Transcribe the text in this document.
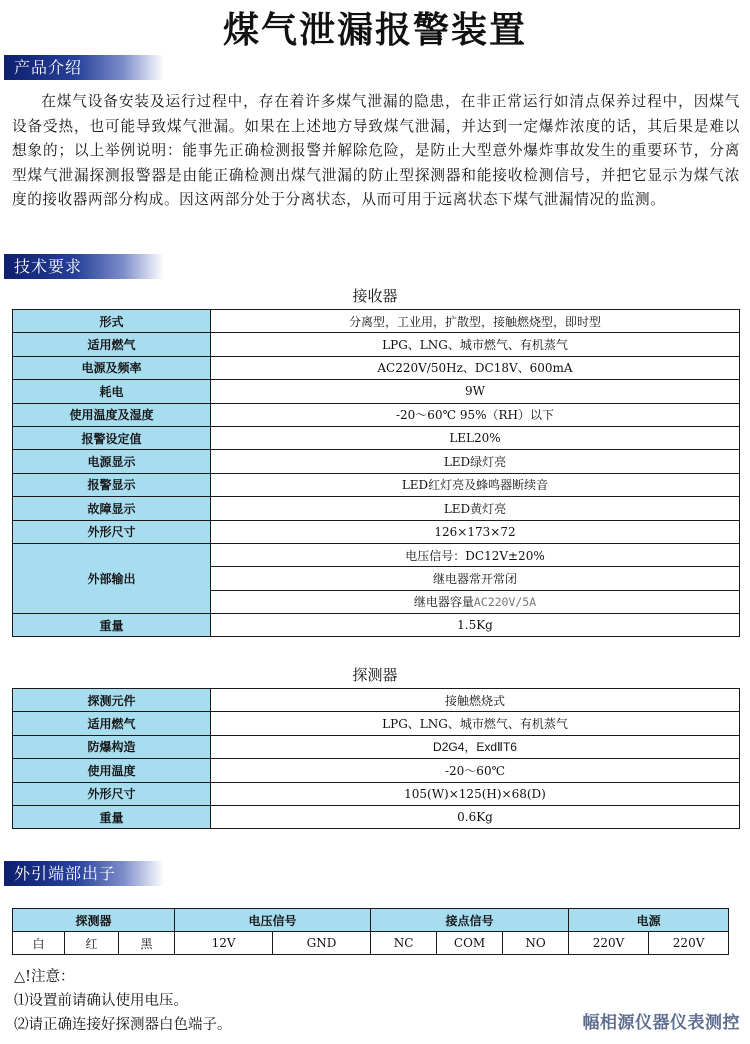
煤气泄漏报警装置
产品介绍
在煤气设备安装及运行过程中，存在着许多煤气泄漏的隐患，在非正常运行如清点保养过程中，因煤气设备受热，也可能导致煤气泄漏。如果在上述地方导致煤气泄漏，并达到一定爆炸浓度的话，其后果是难以想象的；以上举例说明：能事先正确检测报警并解除危险，是防止大型意外爆炸事故发生的重要环节，分离型煤气泄漏探测报警器是由能正确检测出煤气泄漏的防止型探测器和能接收检测信号，并把它显示为煤气浓度的接收器两部分构成。因这两部分处于分离状态，从而可用于远离状态下煤气泄漏情况的监测。
技术要求
接收器
形式	分离型，工业用，扩散型，接触燃烧型，即时型
适用燃气	LPG、LNG、城市燃气、有机蒸气
电源及频率	AC220V/50Hz、DC18V、600mA
耗电	9W
使用温度及湿度	-20～60℃ 95%（RH）以下
报警设定值	LEL20%
电源显示	LED绿灯亮
报警显示	LED红灯亮及蜂鸣器断续音
故障显示	LED黄灯亮
外形尺寸	126×173×72
外部输出	电压信号：DC12V±20%
	继电器常开常闭
	继电器容量AC220V/5A
重量	1.5Kg
探测器
探测元件	接触燃烧式
适用燃气	LPG、LNG、城市燃气、有机蒸气
防爆构造	D2G4，ExdⅡT6
使用温度	-20～60℃
外形尺寸	105(W)×125(H)×68(D)
重量	0.6Kg
外引端部出子
探测器			电压信号		接点信号			电源	
白	红	黑	12V	GND	NC	COM	NO	220V	220V
△!注意：
⑴设置前请确认使用电压。
⑵请正确连接好探测器白色端子。	幅相源仪器仪表测控
